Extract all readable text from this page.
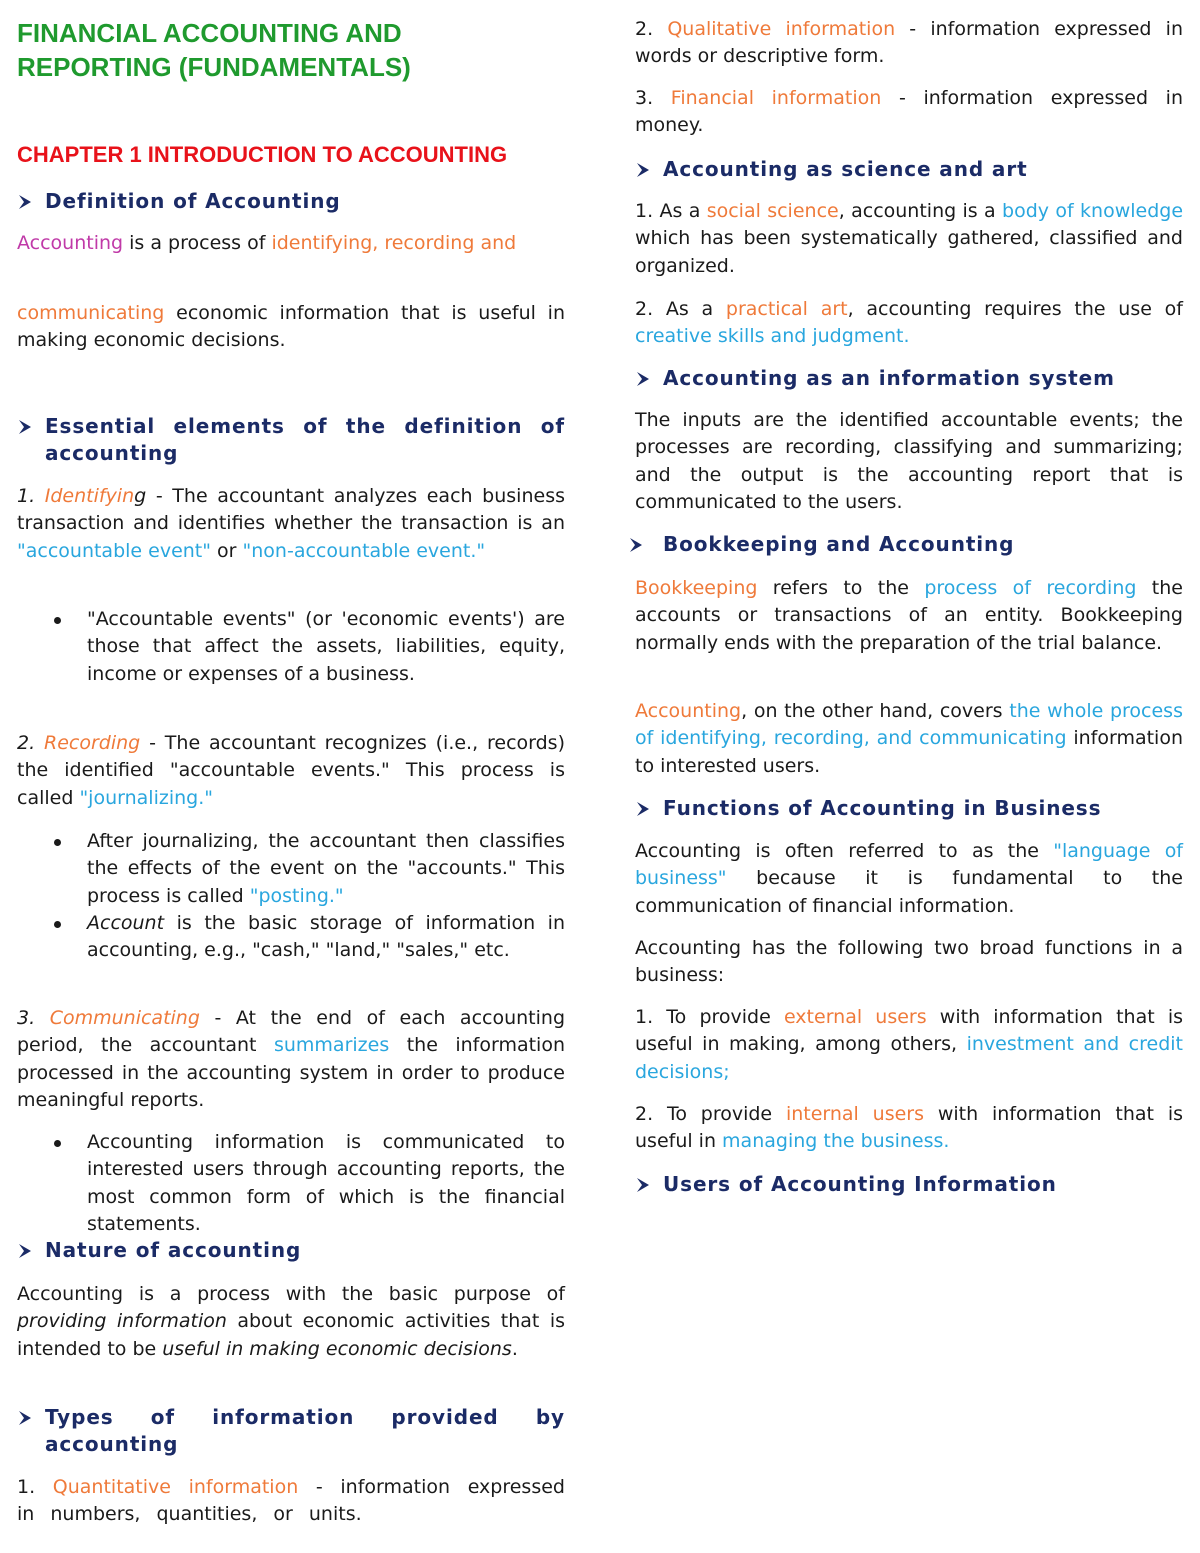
FINANCIAL ACCOUNTING AND
REPORTING (FUNDAMENTALS)
CHAPTER 1 INTRODUCTION TO ACCOUNTING
Definition of Accounting

Accounting is a process of identifying, recording and

communicating economic information that is useful in making economic decisions.

Essential elements of the definition of accounting

1. Identifying - The accountant analyzes each business transaction and identifies whether the transaction is an "accountable event" or "non-accountable event."

"Accountable events" (or 'economic events') are those that affect the assets, liabilities, equity, income or expenses of a business.

2. Recording - The accountant recognizes (i.e., records) the identified "accountable events." This process is called "journalizing."

After journalizing, the accountant then classifies the effects of the event on the "accounts." This process is called "posting."
Account is the basic storage of information in accounting, e.g., "cash," "land," "sales," etc.

3. Communicating - At the end of each accounting period, the accountant summarizes the information processed in the accounting system in order to produce meaningful reports.

Accounting information is communicated to interested users through accounting reports, the most common form of which is the financial statements.
Nature of accounting

Accounting is a process with the basic purpose of providing information about economic activities that is intended to be useful in making economic decisions.

Types of information provided by accounting

1. Quantitative information - information expressed in numbers, quantities, or units.

2. Qualitative information - information expressed in words or descriptive form.

3. Financial information - information expressed in money.

Accounting as science and art

1. As a social science, accounting is a body of knowledge which has been systematically gathered, classified and organized.

2. As a practical art, accounting requires the use of creative skills and judgment.

Accounting as an information system

The inputs are the identified accountable events; the processes are recording, classifying and summarizing; and the output is the accounting report that is communicated to the users.

Bookkeeping and Accounting

Bookkeeping refers to the process of recording the accounts or transactions of an entity. Bookkeeping normally ends with the preparation of the trial balance.

Accounting, on the other hand, covers the whole process of identifying, recording, and communicating information to interested users.

Functions of Accounting in Business

Accounting is often referred to as the "language of business" because it is fundamental to the communication of financial information.

Accounting has the following two broad functions in a business:

1. To provide external users with information that is useful in making, among others, investment and credit decisions;

2. To provide internal users with information that is useful in managing the business.

Users of Accounting Information
